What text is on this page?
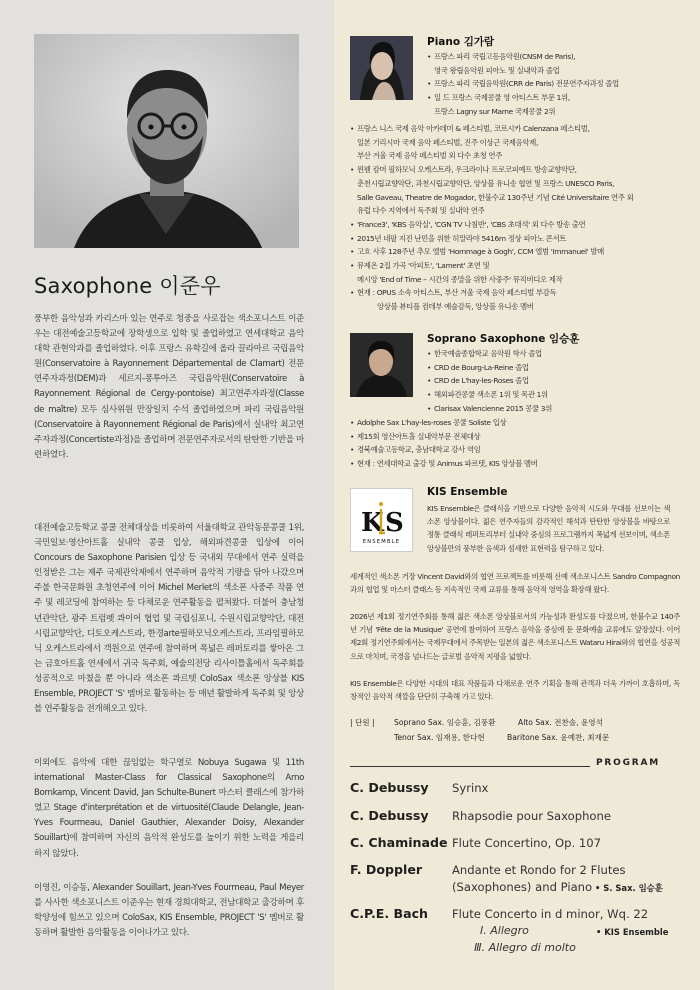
Saxophone 이준우

풍부한 음악성과 카리스마 있는 연주로 청중을 사로잡는 색소포니스트 이준우는 대전예술고등학교에 장학생으로 입학 및 졸업하였고 연세대학교 음악대학 관현악과를 졸업하였다. 이후 프랑스 유학길에 올라 끌라마르 국립음악원(Conservatoire à Rayonnement Départemental de Clamart) 전문연주자과정(DEM)과 세르지-퐁투아즈 국립음악원(Conservatoire à Rayonnement Régional de Cergy-pontoise) 최고연주자과정(Classe de maître) 모두 심사위원 만장일치 수석 졸업하였으며 파리 국립음악원(Conservatoire à Rayonnement Régional de Paris)에서 실내악 최고연주자과정(Concertiste과정)을 졸업하며 전문연주자로서의 탄탄한 기반을 마련하였다.

대전예술고등학교 콩쿨 전체대상을 비롯하여 서울대학교 관악동문콩쿨 1위, 국민일보·영산아트홀 실내악 콩쿨 입상, 해외파견콩쿨 입상에 이어 Concours de Saxophone Parisien 입상 등 국내외 무대에서 연주 실력을 인정받은 그는 제주 국제관악제에서 연주하며 음악적 기량을 닦아 나갔으며 주불 한국문화원 초청연주에 이어 Michel Merlet의 색소폰 사중주 작품 연주 및 레코딩에 참여하는 등 다채로운 연주활동을 펼쳐왔다. 더불어 충남청년관악단, 광주 트럼펫 콰이어 협업 및 국립심포니, 수원시립교향악단, 대전시립교향악단, 디토오케스트라, 한경arte필하모닉오케스트라, 프라임필하모닉 오케스트라에서 객원으로 연주에 참여하며 폭넓은 레퍼토리를 쌓아온 그는 금호아트홀 연세에서 귀국 독주회, 예술의전당 리사이틀홀에서 독주회를 성공적으로 마쳤을 뿐 아니라 색소폰 콰르텟 ColoSax 색소폰 앙상블 KIS Ensemble, PROJECT 'S' 멤버로 활동하는 등 매년 활발하게 독주회 및 앙상블 연주활동을 전개해오고 있다.

이외에도 음악에 대한 끊임없는 학구열로 Nobuya Sugawa 및 11th international Master-Class for Classical Saxophone의 Arno Bornkamp, Vincent David, Jan Schulte-Bunert 마스터 클래스에 참가하였고 Stage d'interprétation et de virtuosité(Claude Delangle, Jean-Yves Fourmeau, Daniel Gauthier, Alexander Doisy, Alexander Souillart)에 참여하며 자신의 음악적 완성도를 높이기 위한 노력을 게을리 하지 않았다.

이영진, 이승동, Alexander Souillart, Jean-Yves Fourmeau, Paul Meyer를 사사한 색소포니스트 이준우는 현재 경희대학교, 전남대학교 출강하며 후학양성에 힘쓰고 있으며 ColoSax, KIS Ensemble, PROJECT 'S' 멤버로 활동하며 활발한 음악활동을 이어나가고 있다.

Piano 김가람
• 프랑스 파리 국립고등음악원(CNSM de Paris),
영국 왕립음악원 피아노 및 실내악과 졸업
• 프랑스 파리 국립음악원(CRR de Paris) 전문연주자과정 졸업
• 일 드 프랑스 국제콩쿨 영 아티스트 부문 1위,
프랑스 Lagny sur Marne 국제콩쿨 2위
• 프랑스 니스 국제 음악 아카데미 & 페스티벌, 코르시카 Calenzana 페스티벌,
일본 기리시마 국제 음악 페스티벌, 진주 이상근 국제음악제,
부산 겨울 국제 음악 페스티벌 외 다수 초청 연주
• 윈웬 캄머 필하모닉 오케스트라, 우크라이나 프로코피예프 방송교향악단,
춘천시립교향악단, 과천시립교향악단, 앙상블 유니송 협연 및 프랑스 UNESCO Paris,
Salle Gaveau, Theatre de Mogador, 한불수교 130주년 기념 Cité Universitaire 연주 외
유럽 다수 지역에서 독주회 및 실내악 연주
• 'France3', 'KBS 음악실', 'CGN TV 나침반', 'CBS 초대석' 외 다수 방송 출연
• 2015년 네팔 지진 난민을 위한 히말라야 5416m 정상 피아노 콘서트
• 고흐 사후 128주년 추모 앨범 'Hommage à Gogh', CCM 앨범 'Immanuel' 발매
• 뮤제온 2집 가곡 '아피토', 'Lament' 초연 및
메시앙 'End of Time – 시간의 종말을 위한 사중주' 뮤직비디오 제작
• 현재 : OPUS 소속 아티스트, 부산 겨울 국제 음악 페스티벌 부감독
앙상블 뷰티플 컴데부 예술감독, 앙상블 유니송 멤버
Soprano Saxophone 임승훈
• 한국예술종합학교 음악원 학사 졸업
• CRD de Bourg-La-Reine 졸업
• CRD de L'hay-les-Roses 졸업
• 해외파견콩쿨 색소폰 1위 및 목관 1위
• Clarisax Valencienne 2015 콩쿨 3위
• Adolphe Sax L'hay-les-roses 콩쿨 Soliste 입상
• 제15회 영산아트홀 실내악부문 전체대상
• 경북예술고등학교, 충남대학교 강사 역임
• 현재 : 연세대학교 출강 및 Animus 파르텟, KIS 앙상블 멤버
K S
ENSEMBLE
KIS Ensemble
KIS Ensemble은 클래식을 기반으로 다양한 음악적 시도와 무대를 선보이는 색소폰 앙상블이다. 젊은 연주자들의 감각적인 해석과 탄탄한 앙상블을 바탕으로 정통 클래식 레퍼토리부터 실내악 중심의 프로그램까지 폭넓게 선보이며, 색소폰 앙상블만의 풍부한 음색과 섬세한 표현력을 탐구하고 있다.
세계적인 색소폰 거장 Vincent David와의 협연 프로젝트를 비롯해 신예 색소포니스트 Sandro Compagnon과의 협업 및 마스터 클래스 등 지속적인 국제 교류를 통해 음악적 영역을 확장해 왔다.
2026년 제1회 정기연주회를 통해 젊은 색소폰 앙상블로서의 가능성과 완성도를 다졌으며, 한불수교 140주년 기념 'Fête de la Musique' 공연에 참여하여 프랑스 음악을 중심에 둔 문화예술 교류에도 앞장섰다. 이어 제2회 정기연주회에서는 국제무대에서 주목받는 일본의 젊은 색소포니스트 Wataru Hirai와의 협연을 성공적으로 마치며, 국경을 넘나드는 글로벌 음악적 지평을 넓혔다.
KIS Ensemble은 다양한 시대의 대표 작품들과 다채로운 연주 기획을 통해 관객과 더욱 가까이 호흡하며, 독창적인 음악적 색깔을 단단히 구축해 가고 있다.
| 단원 |	Soprano Sax. 임승훈, 김풍환	Alto Sax. 전찬솔, 윤영석
Tenor Sax. 임재용, 한다현	Baritone Sax. 윤예찬, 최재문
PROGRAM
C. Debussy Syrinx
C. Debussy Rhapsodie pour Saxophone
C. Chaminade Flute Concertino, Op. 107
F. Doppler	Andante et Rondo for 2 Flutes
(Saxophones) and Piano • S. Sax. 임승훈
C.P.E. Bach Flute Concerto in d minor, Wq. 22
Ⅰ. Allegro
Ⅲ. Allegro di molto
• KIS Ensemble
